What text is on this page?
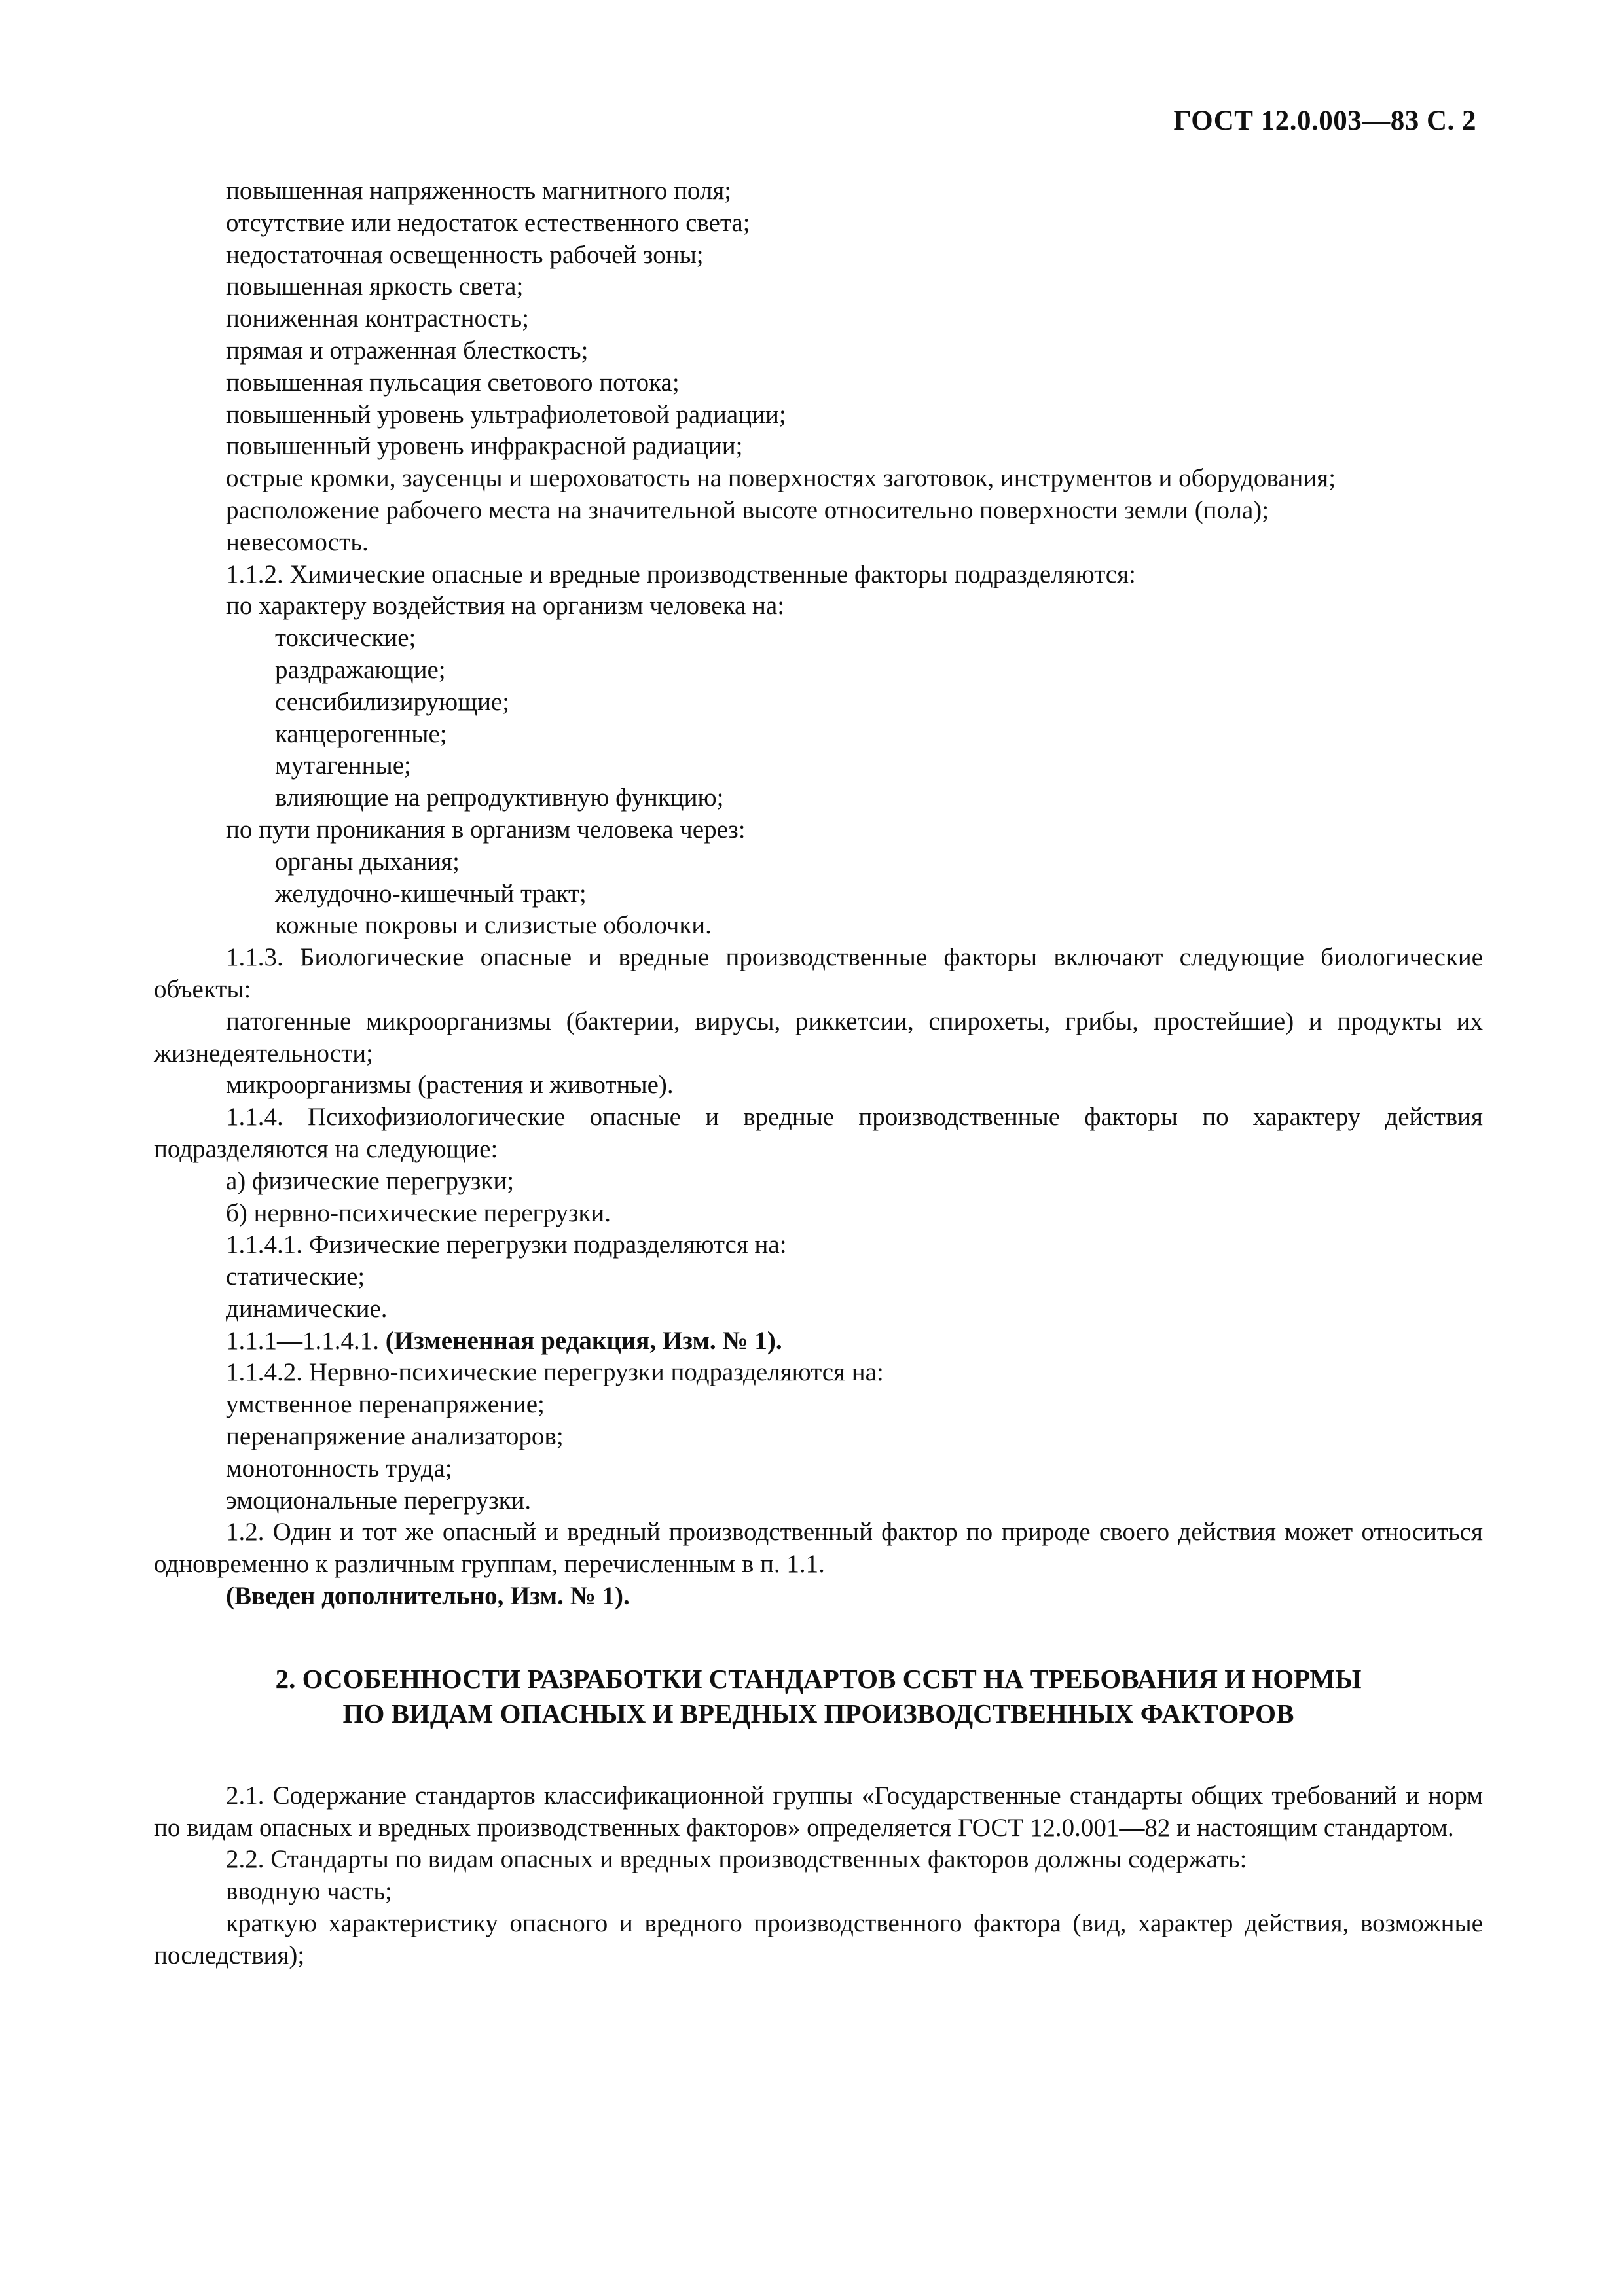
ГОСТ 12.0.003—83 С. 2

повышенная напряженность магнитного поля;

отсутствие или недостаток естественного света;

недостаточная освещенность рабочей зоны;

повышенная яркость света;

пониженная контрастность;

прямая и отраженная блесткость;

повышенная пульсация светового потока;

повышенный уровень ультрафиолетовой радиации;

повышенный уровень инфракрасной радиации;

острые кромки, заусенцы и шероховатость на поверхностях заготовок, инструментов и оборудования;

расположение рабочего места на значительной высоте относительно поверхности земли (пола);

невесомость.

1.1.2. Химические опасные и вредные производственные факторы подразделяются:

по характеру воздействия на организм человека на:

токсические;

раздражающие;

сенсибилизирующие;

канцерогенные;

мутагенные;

влияющие на репродуктивную функцию;

по пути проникания в организм человека через:

органы дыхания;

желудочно-кишечный тракт;

кожные покровы и слизистые оболочки.

1.1.3. Биологические опасные и вредные производственные факторы включают следующие биологические объекты:

патогенные микроорганизмы (бактерии, вирусы, риккетсии, спирохеты, грибы, простейшие) и продукты их жизнедеятельности;

микроорганизмы (растения и животные).

1.1.4. Психофизиологические опасные и вредные производственные факторы по характеру действия подразделяются на следующие:

а) физические перегрузки;

б) нервно-психические перегрузки.

1.1.4.1. Физические перегрузки подразделяются на:

статические;

динамические.

1.1.1—1.1.4.1. (Измененная редакция, Изм. № 1).

1.1.4.2. Нервно-психические перегрузки подразделяются на:

умственное перенапряжение;

перенапряжение анализаторов;

монотонность труда;

эмоциональные перегрузки.

1.2. Один и тот же опасный и вредный производственный фактор по природе своего действия может относиться одновременно к различным группам, перечисленным в п. 1.1.

(Введен дополнительно, Изм. № 1).

2. ОСОБЕННОСТИ РАЗРАБОТКИ СТАНДАРТОВ ССБТ НА ТРЕБОВАНИЯ И НОРМЫ
ПО ВИДАМ ОПАСНЫХ И ВРЕДНЫХ ПРОИЗВОДСТВЕННЫХ ФАКТОРОВ

2.1. Содержание стандартов классификационной группы «Государственные стандарты общих требований и норм по видам опасных и вредных производственных факторов» определяется ГОСТ 12.0.001—82 и настоящим стандартом.

2.2. Стандарты по видам опасных и вредных производственных факторов должны содержать:

вводную часть;

краткую характеристику опасного и вредного производственного фактора (вид, характер действия, возможные последствия);
